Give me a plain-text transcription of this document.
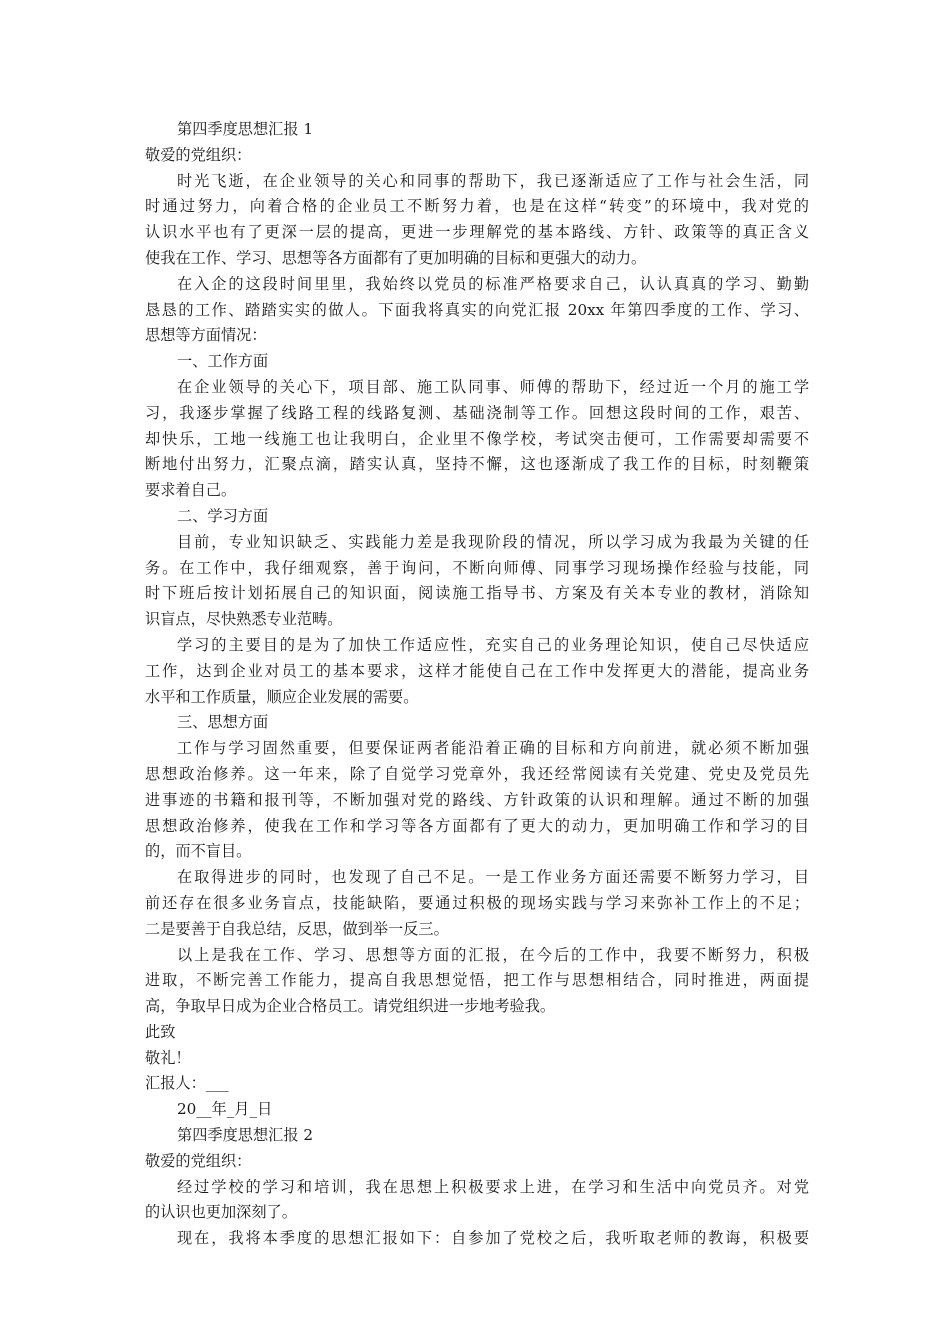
第四季度思想汇报 1
敬爱的党组织：
时光飞逝，在企业领导的关心和同事的帮助下，我已逐渐适应了工作与社会生活，同
时通过努力，向着合格的企业员工不断努力着，也是在这样“转变”的环境中，我对党的
认识水平也有了更深一层的提高，更进一步理解党的基本路线、方针、政策等的真正含义
使我在工作、学习、思想等各方面都有了更加明确的目标和更强大的动力。
在入企的这段时间里里，我始终以党员的标准严格要求自己，认认真真的学习、勤勤
恳恳的工作、踏踏实实的做人。下面我将真实的向党汇报 20xx 年第四季度的工作、学习、
思想等方面情况：
一、工作方面
在企业领导的关心下，项目部、施工队同事、师傅的帮助下，经过近一个月的施工学
习，我逐步掌握了线路工程的线路复测、基础浇制等工作。回想这段时间的工作，艰苦、
却快乐，工地一线施工也让我明白，企业里不像学校，考试突击便可，工作需要却需要不
断地付出努力，汇聚点滴，踏实认真，坚持不懈，这也逐渐成了我工作的目标，时刻鞭策
要求着自己。
二、学习方面
目前，专业知识缺乏、实践能力差是我现阶段的情况，所以学习成为我最为关键的任
务。在工作中，我仔细观察，善于询问，不断向师傅、同事学习现场操作经验与技能，同
时下班后按计划拓展自己的知识面，阅读施工指导书、方案及有关本专业的教材，消除知
识盲点，尽快熟悉专业范畴。
学习的主要目的是为了加快工作适应性，充实自己的业务理论知识，使自己尽快适应
工作，达到企业对员工的基本要求，这样才能使自己在工作中发挥更大的潜能，提高业务
水平和工作质量，顺应企业发展的需要。
三、思想方面
工作与学习固然重要，但要保证两者能沿着正确的目标和方向前进，就必须不断加强
思想政治修养。这一年来，除了自觉学习党章外，我还经常阅读有关党建、党史及党员先
进事迹的书籍和报刊等，不断加强对党的路线、方针政策的认识和理解。通过不断的加强
思想政治修养，使我在工作和学习等各方面都有了更大的动力，更加明确工作和学习的目
的，而不盲目。
在取得进步的同时，也发现了自己不足。一是工作业务方面还需要不断努力学习，目
前还存在很多业务盲点，技能缺陷，要通过积极的现场实践与学习来弥补工作上的不足；
二是要善于自我总结，反思，做到举一反三。
以上是我在工作、学习、思想等方面的汇报，在今后的工作中，我要不断努力，积极
进取，不断完善工作能力，提高自我思想觉悟，把工作与思想相结合，同时推进，两面提
高，争取早日成为企业合格员工。请党组织进一步地考验我。
此致
敬礼！
汇报人：___
20__年_月_日
第四季度思想汇报 2
敬爱的党组织：
经过学校的学习和培训，我在思想上积极要求上进，在学习和生活中向党员齐。对党
的认识也更加深刻了。
现在，我将本季度的思想汇报如下：自参加了党校之后，我听取老师的教诲，积极要
